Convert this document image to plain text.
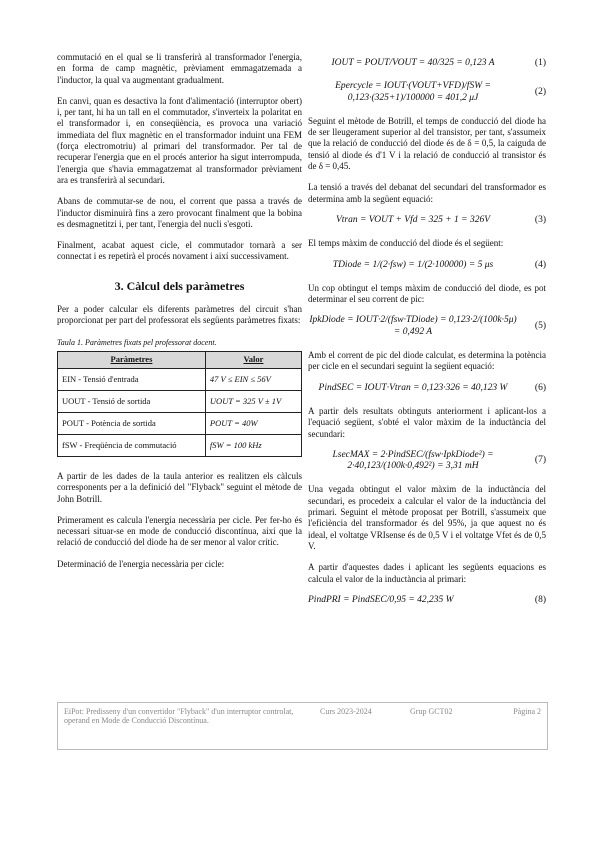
commutació en el qual se li transferirà al transformador l'energia, en forma de camp magnètic, prèviament emmagatzemada a l'inductor, la qual va augmentant gradualment.

En canvi, quan es desactiva la font d'alimentació (interruptor obert) i, per tant, hi ha un tall en el commutador, s'inverteix la polaritat en el transformador i, en conseqüència, es provoca una variació immediata del flux magnètic en el transformador induint una FEM (força electromotriu) al primari del transformador. Per tal de recuperar l'energia que en el procés anterior ha sigut interrompuda, l'energia que s'havia emmagatzemat al transformador prèviament ara es transferirà al secundari.

Abans de commutar-se de nou, el corrent que passa a través de l'inductor disminuirà fins a zero provocant finalment que la bobina es desmagnetitzi i, per tant, l'energia del nucli s'esgoti.

Finalment, acabat aquest cicle, el commutador tornarà a ser connectat i es repetirà el procés novament i així successivament.

3. Càlcul dels paràmetres

Per a poder calcular els diferents paràmetres del circuit s'han proporcionat per part del professorat els següents paràmetres fixats:

Taula 1. Paràmetres fixats pel professorat docent.
Paràmetres	Valor
EIN - Tensió d'entrada	47 V ≤ EIN ≤ 56V
UOUT - Tensió de sortida	UOUT = 325 V ± 1V
POUT - Potència de sortida	POUT = 40W
fSW - Freqüència de commutació	fSW = 100 kHz

A partir de les dades de la taula anterior es realitzen els càlculs corresponents per a la definició del "Flyback" seguint el mètode de John Botrill.

Primerament es calcula l'energia necessària per cicle. Per fer-ho és necessari situar-se en mode de conducció discontínua, així que la relació de conducció del diode ha de ser menor al valor crític.

Determinació de l'energia necessària per cicle:

IOUT = POUT/VOUT = 40/325 = 0,123 A	(1)
Epercycle = IOUT·(VOUT+VFD)/fSW = 0,123·(325+1)/100000 = 401,2 μJ
(2)

Seguint el mètode de Botrill, el temps de conducció del diode ha de ser lleugerament superior al del transistor, per tant, s'assumeix que la relació de conducció del diode és de δ = 0,5, la caiguda de tensió al diode és d'1 V i la relació de conducció al transistor és de δ = 0,45.

La tensió a través del debanat del secundari del transformador es determina amb la següent equació:

Vtran = VOUT + Vfd = 325 + 1 = 326V	(3)

El temps màxim de conducció del diode és el següent:

TDiode = 1/(2·fsw) = 1/(2·100000) = 5 μs	(4)

Un cop obtingut el temps màxim de conducció del diode, es pot determinar el seu corrent de pic:

IpkDiode = IOUT·2/(fsw·TDiode) = 0,123·2/(100k·5μ) = 0,492 A
(5)

Amb el corrent de pic del diode calculat, es determina la potència per cicle en el secundari seguint la següent equació:

PindSEC = IOUT·Vtran = 0,123·326 = 40,123 W	(6)

A partir dels resultats obtinguts anteriorment i aplicant-los a l'equació següent, s'obté el valor màxim de la inductància del secundari:

LsecMAX = 2·PindSEC/(fsw·IpkDiode²) = 2·40,123/(100k·0,492²) = 3,31 mH
(7)

Una vegada obtingut el valor màxim de la inductància del secundari, es procedeix a calcular el valor de la inductància del primari. Seguint el mètode proposat per Botrill, s'assumeix que l'eficiència del transformador és del 95%, ja que aquest no és ideal, el voltatge VRIsense és de 0,5 V i el voltatge Vfet és de 0,5 V.

A partir d'aquestes dades i aplicant les següents equacions es calcula el valor de la inductància al primari:

PindPRI = PindSEC/0,95 = 42,235 W	(8)
EiPot: Predisseny d'un convertidor "Flyback" d'un interruptor controlat, operand en Mode de Conducció Discontínua.
Curs 2023-2024	Grup GCT02	Pàgina 2
